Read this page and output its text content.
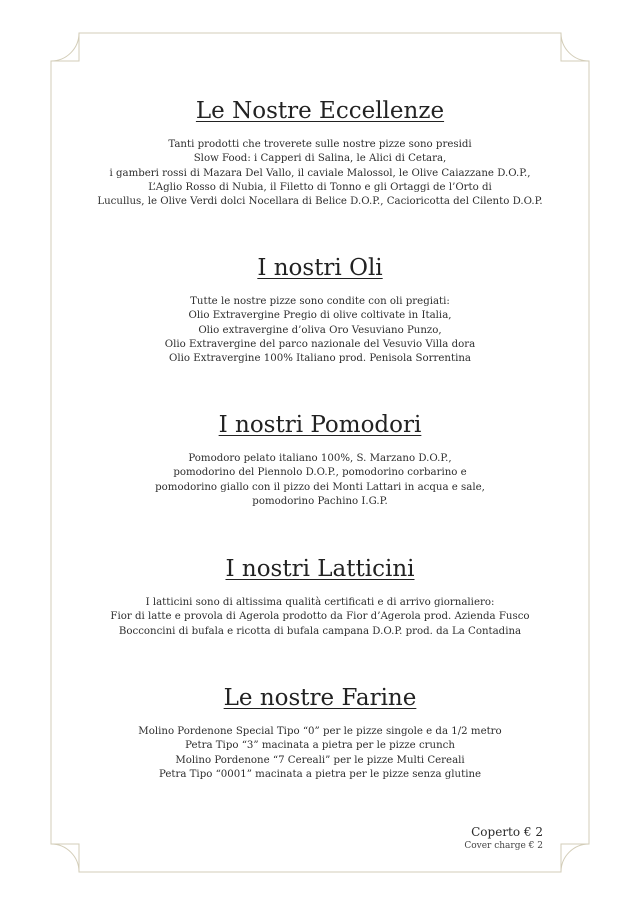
Le Nostre Eccellenze
Tanti prodotti che troverete sulle nostre pizze sono presidi
Slow Food: i Capperi di Salina, le Alici di Cetara,
i gamberi rossi di Mazara Del Vallo, il caviale Malossol, le Olive Caiazzane D.O.P.,
L’Aglio Rosso di Nubia, il Filetto di Tonno e gli Ortaggi de l’Orto di
Lucullus, le Olive Verdi dolci Nocellara di Belice D.O.P., Cacioricotta del Cilento D.O.P.
I nostri Oli
Tutte le nostre pizze sono condite con oli pregiati:
Olio Extravergine Pregio di olive coltivate in Italia,
Olio extravergine d’oliva Oro Vesuviano Punzo,
Olio Extravergine del parco nazionale del Vesuvio Villa dora
Olio Extravergine 100% Italiano prod. Penisola Sorrentina
I nostri Pomodori
Pomodoro pelato italiano 100%, S. Marzano D.O.P.,
pomodorino del Piennolo D.O.P., pomodorino corbarino e
pomodorino giallo con il pizzo dei Monti Lattari in acqua e sale,
pomodorino Pachino I.G.P.
I nostri Latticini
I latticini sono di altissima qualità certificati e di arrivo giornaliero:
Fior di latte e provola di Agerola prodotto da Fior d’Agerola prod. Azienda Fusco
Bocconcini di bufala e ricotta di bufala campana D.O.P. prod. da La Contadina
Le nostre Farine
Molino Pordenone Special Tipo “0” per le pizze singole e da 1/2 metro
Petra Tipo “3” macinata a pietra per le pizze crunch
Molino Pordenone “7 Cereali” per le pizze Multi Cereali
Petra Tipo “0001” macinata a pietra per le pizze senza glutine
Coperto € 2
Cover charge € 2
